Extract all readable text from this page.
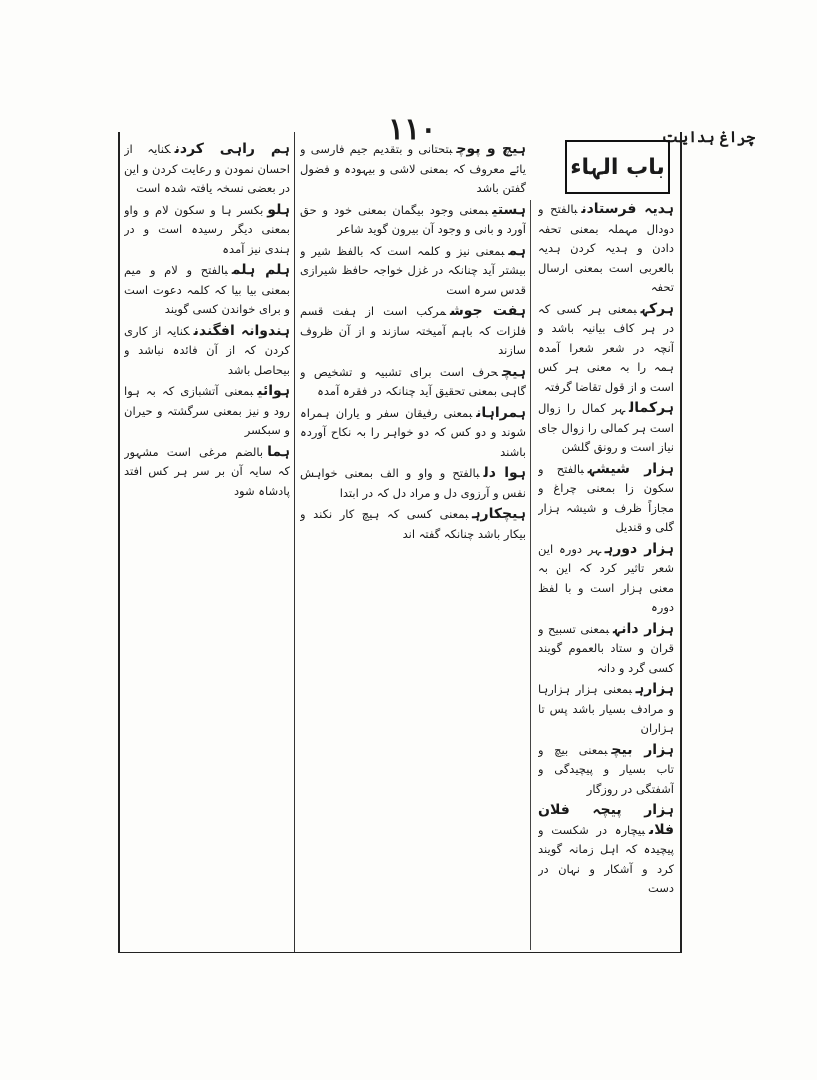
چراغ ہدایت
۱۱۰
باب الہاء
ہدیہ فرستادنبالفتح و دودال مہملہ بمعنی تحفہ دادن و ہدیہ کردن ہدیہ بالعربی است بمعنی ارسال تحفہ
ہرکہبمعنی ہر کسی کہ در ہر کاف بیانیہ باشد و آنچہ در شعر شعرا آمدہ ہمہ را بہ معنی ہر کس است و از قول تقاضا گرفتہ
ہرکمالہر کمال را زوال است ہر کمالی را زوال جای نیاز است و رونق گلشن
ہزار شیشہبالفتح و سکون زا بمعنی چراغ و مجازاً ظرف و شیشہ ہزار گلی و قندیل
ہزار دورہہر دورہ این شعر تاثیر کرد کہ این بہ معنی ہزار است و با لفظ دورہ
ہزار دانہبمعنی تسبیح و قران و ستاد بالعموم گویند کسی گرد و دانہ
ہزارہبمعنی ہزار ہزارہا و مرادف بسیار باشد پس تا ہزاران
ہزار بیچبمعنی بیچ و تاب بسیار و پیچیدگی و آشفتگی در روزگار
ہزار پیچہ فلان فلاںبیچارہ در شکست و پیچیدہ کہ اہل زمانہ گویند کرد و آشکار و نہان در دست
ہیچ و پوچبتحتانی و بتقدیم جیم فارسی و یائے معروف کہ بمعنی لاشی و بیہودہ و فضول گفتن باشد
ہستیبمعنی وجود بیگمان بمعنی خود و حق آورد و بانی و وجود آن بیرون گوید شاعر
ہمبمعنی نیز و کلمہ است کہ بالفظ شیر و بیشتر آید چنانکہ در غزل خواجہ حافظ شیرازی قدس سرہ است
ہفت جوشمرکب است از ہفت قسم فلزات کہ باہم آمیختہ سازند و از آن ظروف سازند
ہیچحرف است برای تشبیہ و تشخیص و گاہی بمعنی تحقیق آید چنانکہ در فقرہ آمدہ
ہمراہانبمعنی رفیقان سفر و یاران ہمراہ شوند و دو کس کہ دو خواہر را بہ نکاح آوردہ باشند
ہوا دلبالفتح و واو و الف بمعنی خواہش نفس و آرزوی دل و مراد دل کہ در ابتدا
ہیچکارہبمعنی کسی کہ ہیچ کار نکند و بیکار باشد چنانکہ گفتہ اند
ہم راہی کردنکنایہ از احسان نمودن و رعایت کردن و این در بعضی نسخہ یافتہ شدہ است
ہلوبکسر ہا و سکون لام و واو بمعنی دیگر رسیدہ است و در ہندی نیز آمدہ
ہلم ہلمبالفتح و لام و میم بمعنی بیا بیا کہ کلمہ دعوت است و برای خواندن کسی گویند
ہندوانہ افگندنکنایہ از کاری کردن کہ از آن فائدہ نباشد و بیحاصل باشد
ہوائیبمعنی آتشبازی کہ بہ ہوا رود و نیز بمعنی سرگشتہ و حیران و سبکسر
ہمابالضم مرغی است مشہور کہ سایہ آن بر سر ہر کس افتد پادشاہ شود
